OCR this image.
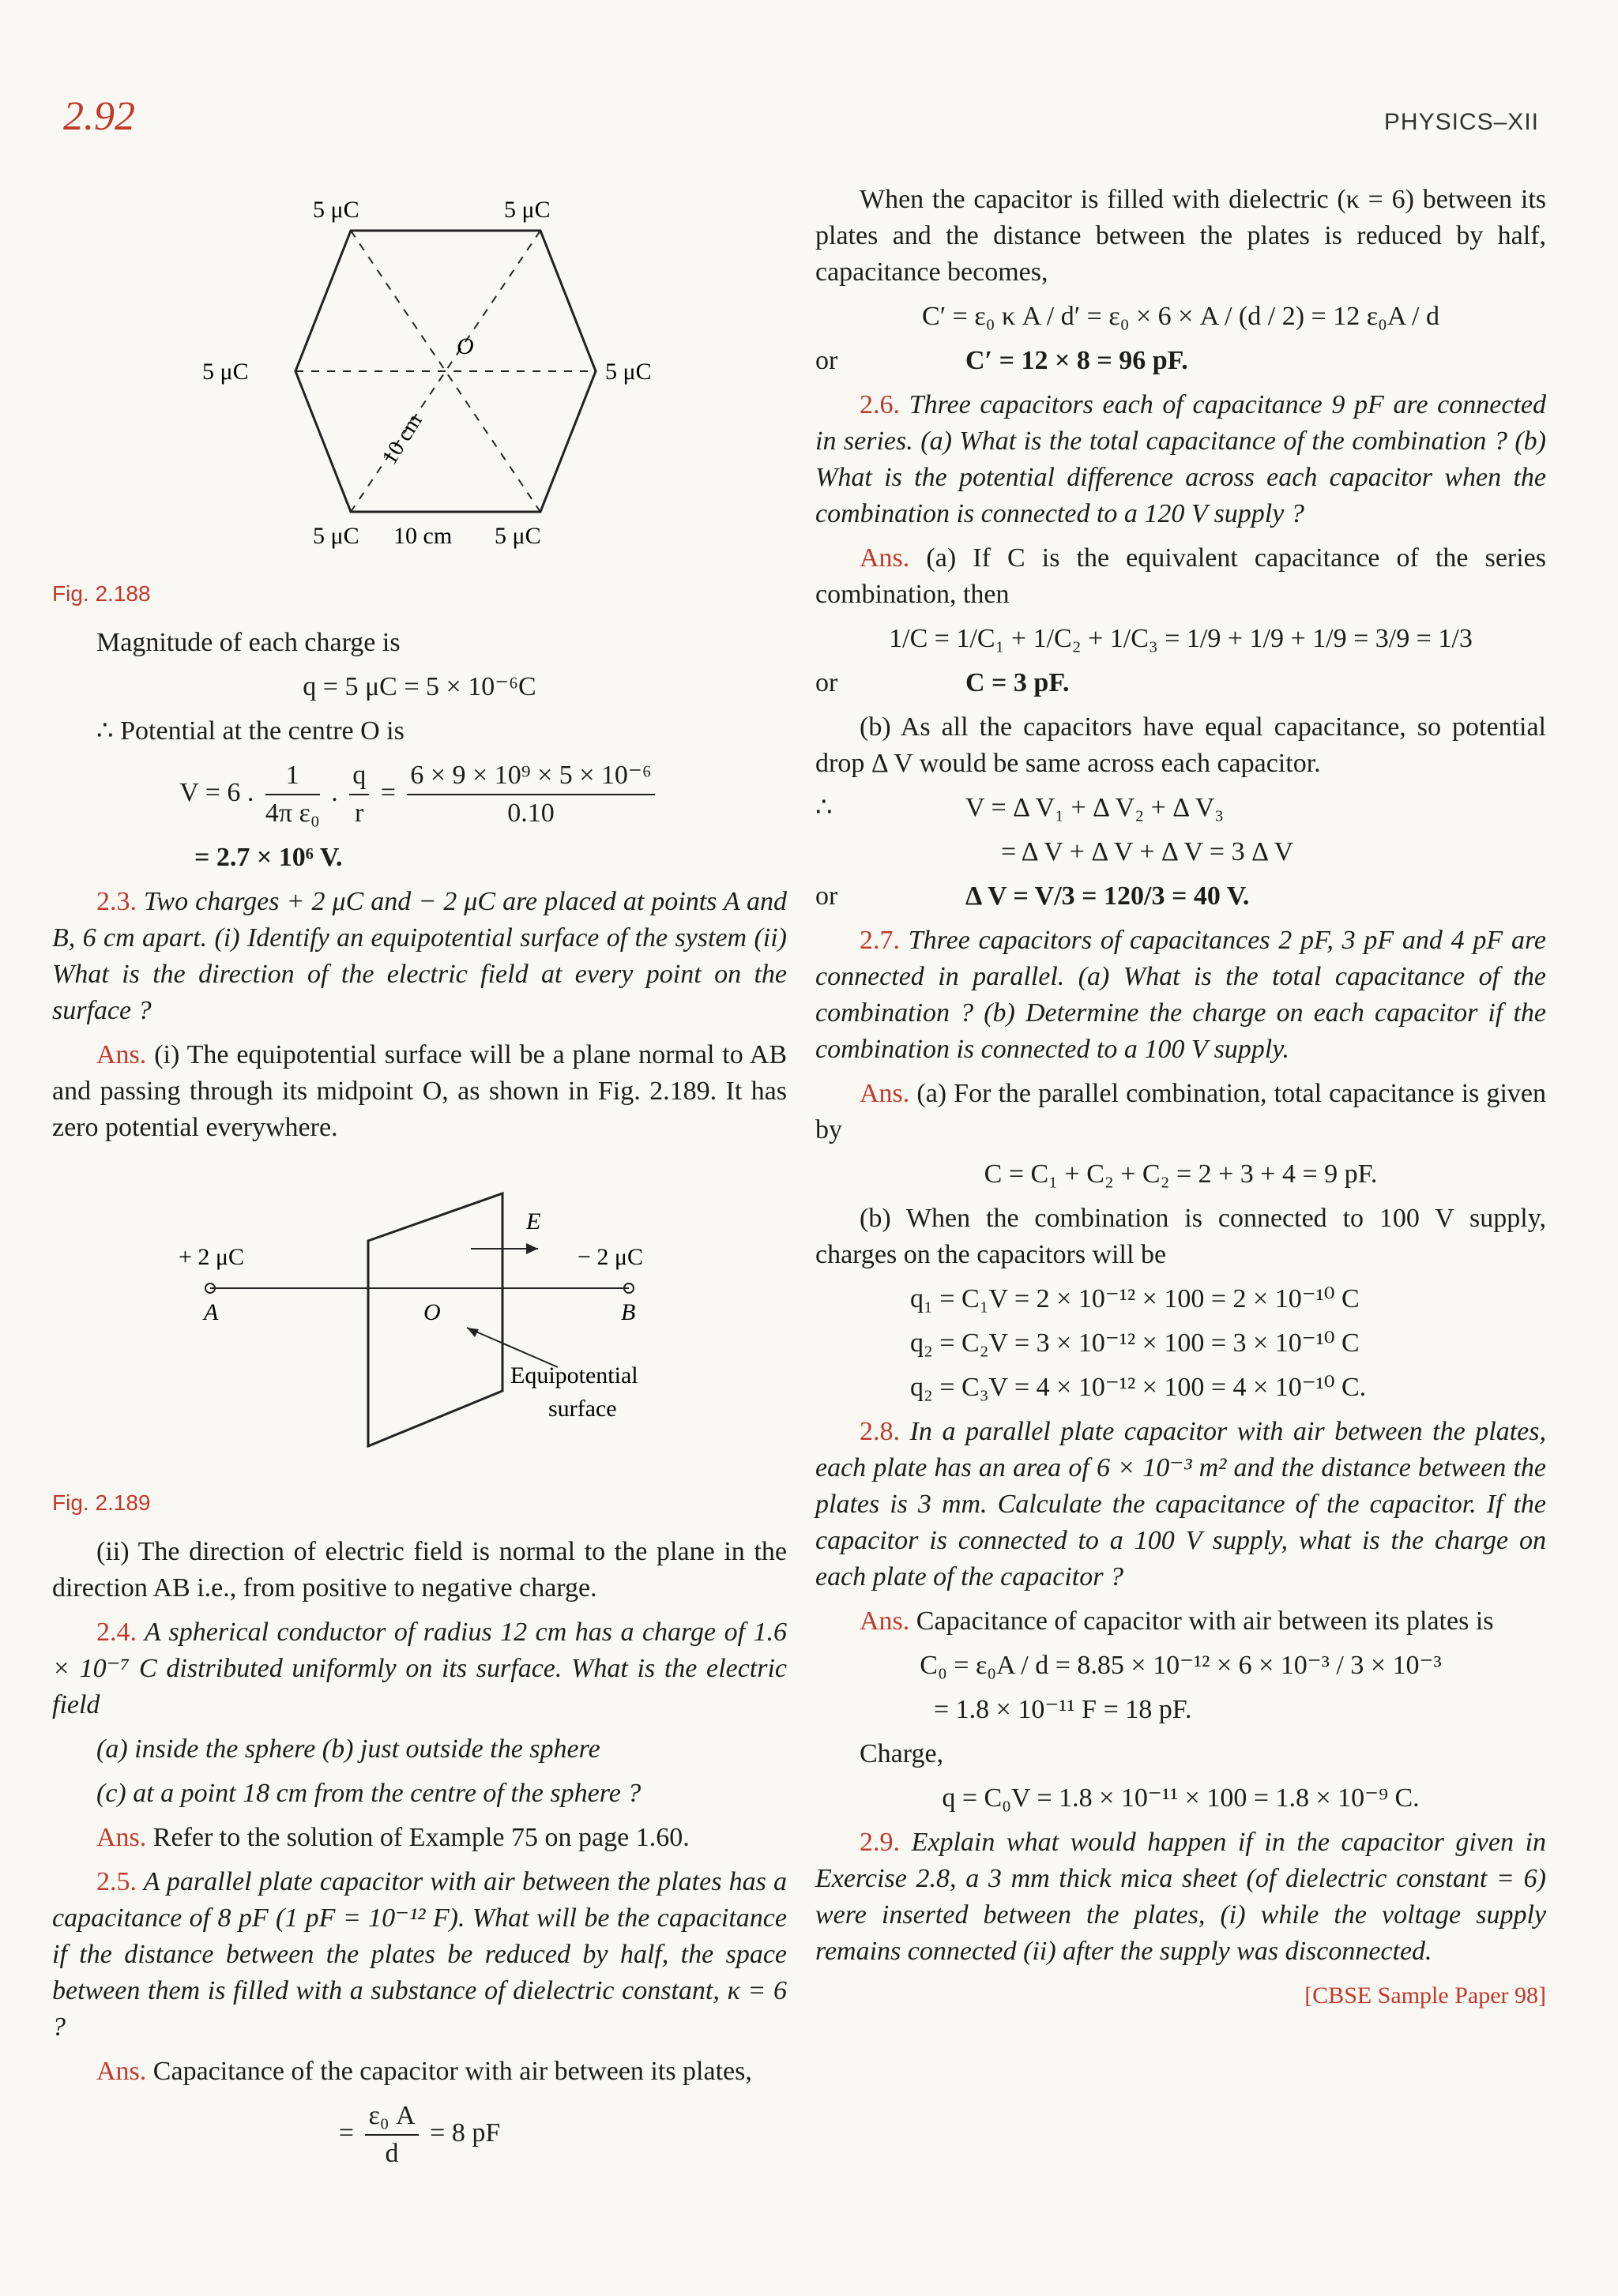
2.92	PHYSICS–XII
5 μC	5 μC
5 μC	5 μC
5 μC	5 μC
O
10 cm
10 cm
Fig. 2.188

Magnitude of each charge is

q = 5 μC = 5 × 10⁻⁶C

∴ Potential at the centre O is

V = 6 . $\frac{1}{\text{4π ε₀}}$ . $\frac{q}{r} = \frac{\text{6 × 9 × 10⁹ × 5 × 10⁻⁶}}{0.10}$
= 2.7 × 10⁶ V.

2.3. Two charges + 2 μC and − 2 μC are placed at points A and B, 6 cm apart. (i) Identify an equipotential surface of the system (ii) What is the direction of the electric field at every point on the surface ?

Ans. (i) The equipotential surface will be a plane normal to AB and passing through its midpoint O, as shown in Fig. 2.189. It has zero potential everywhere.

+ 2 μC	− 2 μC
A	O	B
E
Equipotential
surface
Fig. 2.189

(ii) The direction of electric field is normal to the plane in the direction AB i.e., from positive to negative charge.

2.4. A spherical conductor of radius 12 cm has a charge of 1.6 × 10⁻⁷ C distributed uniformly on its surface. What is the electric field

(a) inside the sphere (b) just outside the sphere

(c) at a point 18 cm from the centre of the sphere ?

Ans. Refer to the solution of Example 75 on page 1.60.

2.5. A parallel plate capacitor with air between the plates has a capacitance of 8 pF (1 pF = 10⁻¹² F). What will be the capacitance if the distance between the plates be reduced by half, the space between them is filled with a substance of dielectric constant, κ = 6 ?

Ans. Capacitance of the capacitor with air between its plates,

= $\frac{\text{ε₀ A}}{d} = 8$ pF

When the capacitor is filled with dielectric (κ = 6) between its plates and the distance between the plates is reduced by half, capacitance becomes,

C′ = ε₀ κ A / d′ = ε₀ × 6 × A / (d / 2) = 12 ε₀A / d
or	C′ = 12 × 8 = 96 pF.

2.6. Three capacitors each of capacitance 9 pF are connected in series. (a) What is the total capacitance of the combination ? (b) What is the potential difference across each capacitor when the combination is connected to a 120 V supply ?

Ans. (a) If C is the equivalent capacitance of the series combination, then

1/C = 1/C₁ + 1/C₂ + 1/C₃ = 1/9 + 1/9 + 1/9 = 3/9 = 1/3
or	C = 3 pF.

(b) As all the capacitors have equal capacitance, so potential drop Δ V would be same across each capacitor.

∴	V = Δ V₁ + Δ V₂ + Δ V₃
= Δ V + Δ V + Δ V = 3 Δ V
or	Δ V = V/3 = 120/3 = 40 V.

2.7. Three capacitors of capacitances 2 pF, 3 pF and 4 pF are connected in parallel. (a) What is the total capacitance of the combination ? (b) Determine the charge on each capacitor if the combination is connected to a 100 V supply.

Ans. (a) For the parallel combination, total capacitance is given by

C = C₁ + C₂ + C₂ = 2 + 3 + 4 = 9 pF.

(b) When the combination is connected to 100 V supply, charges on the capacitors will be

q₁ = C₁V = 2 × 10⁻¹² × 100 = 2 × 10⁻¹⁰ C
q₂ = C₂V = 3 × 10⁻¹² × 100 = 3 × 10⁻¹⁰ C
q₂ = C₃V = 4 × 10⁻¹² × 100 = 4 × 10⁻¹⁰ C.

2.8. In a parallel plate capacitor with air between the plates, each plate has an area of 6 × 10⁻³ m² and the distance between the plates is 3 mm. Calculate the capacitance of the capacitor. If the capacitor is connected to a 100 V supply, what is the charge on each plate of the capacitor ?

Ans. Capacitance of capacitor with air between its plates is

C₀ = ε₀A / d = 8.85 × 10⁻¹² × 6 × 10⁻³ / 3 × 10⁻³
= 1.8 × 10⁻¹¹ F = 18 pF.

Charge,

q = C₀V = 1.8 × 10⁻¹¹ × 100 = 1.8 × 10⁻⁹ C.

2.9. Explain what would happen if in the capacitor given in Exercise 2.8, a 3 mm thick mica sheet (of dielectric constant = 6) were inserted between the plates, (i) while the voltage supply remains connected (ii) after the supply was disconnected.

[CBSE Sample Paper 98]
